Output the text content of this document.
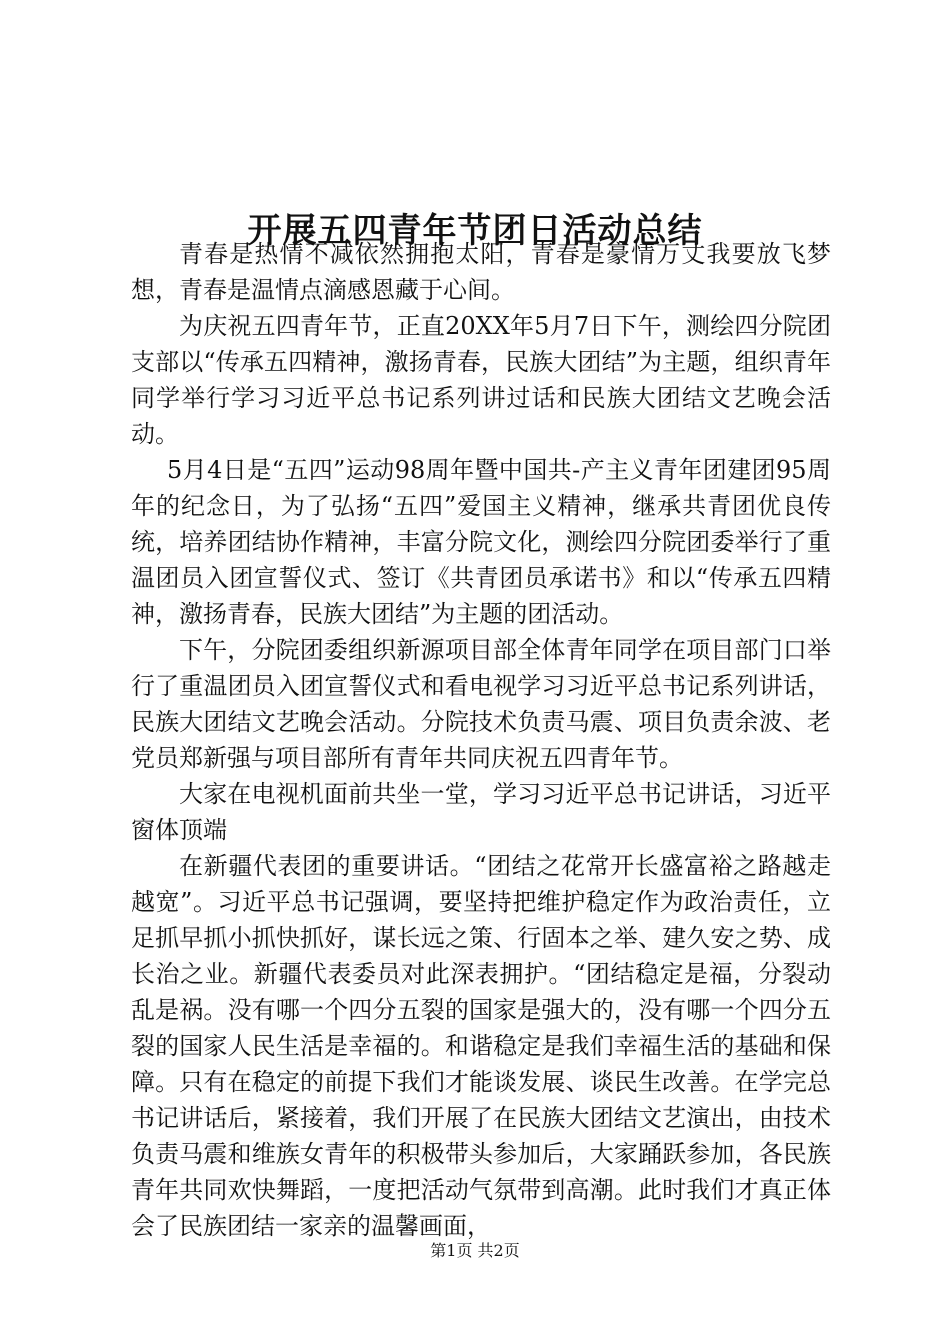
开展五四青年节团日活动总结

青春是热情不减依然拥抱太阳，青春是豪情万丈我要放飞梦想，青春是温情点滴感恩藏于心间。

为庆祝五四青年节，正直20XX年5月7日下午，测绘四分院团支部以“传承五四精神，激扬青春，民族大团结”为主题，组织青年同学举行学习习近平总书记系列讲过话和民族大团结文艺晚会活动。

5月4日是“五四”运动98周年暨中国共-产主义青年团建团95周年的纪念日，为了弘扬“五四”爱国主义精神，继承共青团优良传统，培养团结协作精神，丰富分院文化，测绘四分院团委举行了重温团员入团宣誓仪式、签订《共青团员承诺书》和以“传承五四精神，激扬青春，民族大团结”为主题的团活动。

下午，分院团委组织新源项目部全体青年同学在项目部门口举行了重温团员入团宣誓仪式和看电视学习习近平总书记系列讲话，民族大团结文艺晚会活动。分院技术负责马震、项目负责余波、老党员郑新强与项目部所有青年共同庆祝五四青年节。

大家在电视机面前共坐一堂，学习习近平总书记讲话，习近平窗体顶端

在新疆代表团的重要讲话。“团结之花常开长盛富裕之路越走越宽”。习近平总书记强调，要坚持把维护稳定作为政治责任，立足抓早抓小抓快抓好，谋长远之策、行固本之举、建久安之势、成长治之业。新疆代表委员对此深表拥护。“团结稳定是福，分裂动乱是祸。没有哪一个四分五裂的国家是强大的，没有哪一个四分五裂的国家人民生活是幸福的。和谐稳定是我们幸福生活的基础和保障。只有在稳定的前提下我们才能谈发展、谈民生改善。在学完总书记讲话后，紧接着，我们开展了在民族大团结文艺演出，由技术负责马震和维族女青年的积极带头参加后，大家踊跃参加，各民族青年共同欢快舞蹈，一度把活动气氛带到高潮。此时我们才真正体会了民族团结一家亲的温馨画面，

第1页 共2页
